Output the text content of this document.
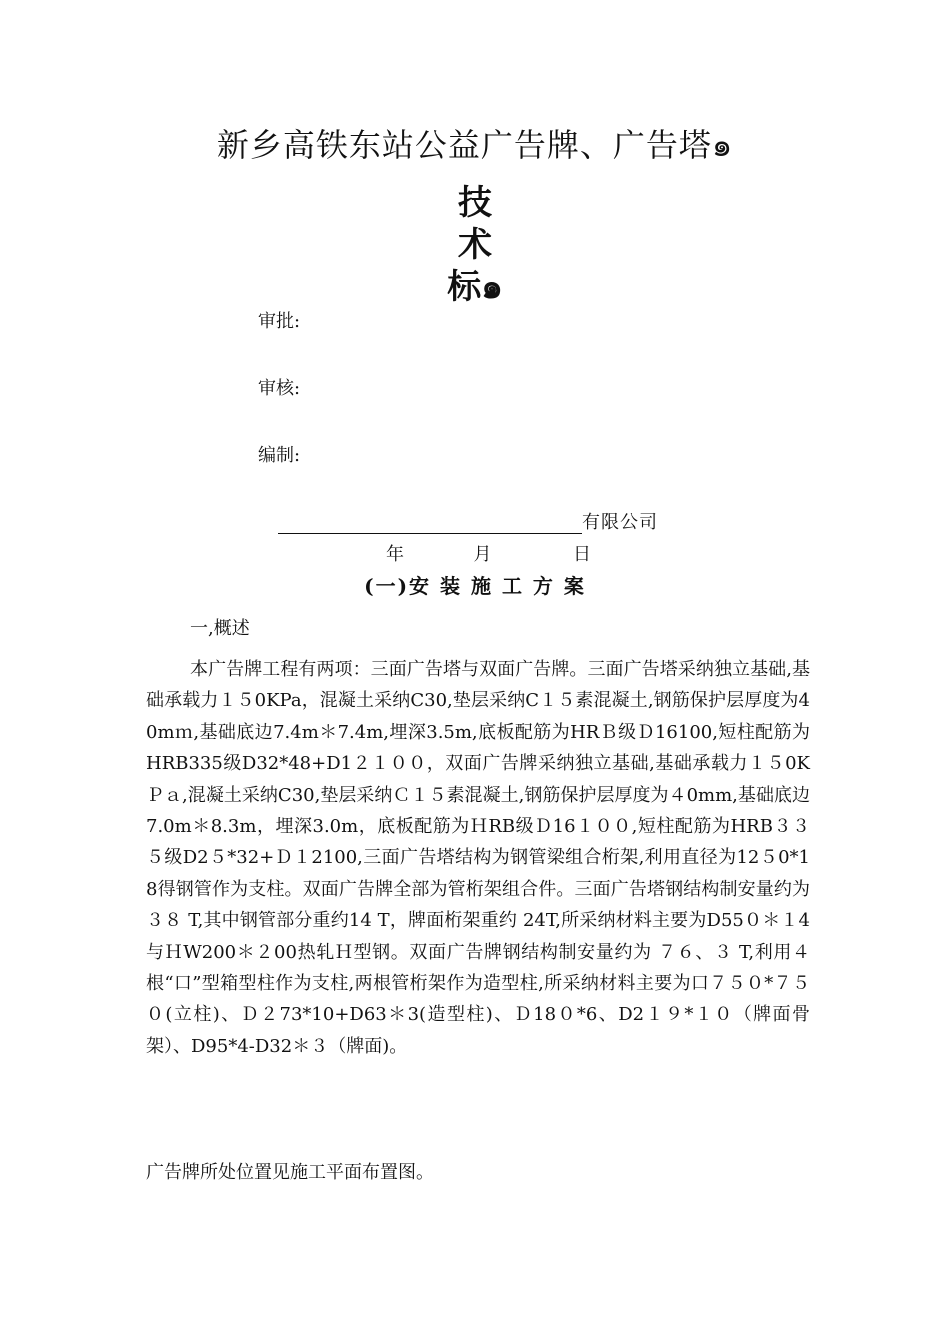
新乡高铁东站公益广告牌、广告塔๑
技
术
标๑
审批:
审核:
编制:
有限公司
年	月	日
(一)安 装 施 工 方 案
一,概述
本广告牌工程有两项：三面广告塔与双面广告牌。三面广告塔采纳独立基础,基础承载力１５0KPa，混凝土采纳C30,垫层采纳C１５素混凝土,钢筋保护层厚度为40mｍ,基础底边7.4m＊7.4m,埋深3.5m,底板配筋为HRＢ级Ｄ16100,短柱配筋为HRB335级D32*48+D1２１００，双面广告牌采纳独立基础,基础承载力１５0KＰａ,混凝土采纳C30,垫层采纳Ｃ１５素混凝土,钢筋保护层厚度为４0mm,基础底边7.0m＊8.3m，埋深3.0m，底板配筋为ＨRB级Ｄ16１００,短柱配筋为HRB３３５级D2５*32+Ｄ１2100,三面广告塔结构为钢管梁组合桁架,利用直径为12５0*18得钢管作为支柱。双面广告牌全部为管桁架组合件。三面广告塔钢结构制安量约为３８ T,其中钢管部分重约14 T，牌面桁架重约 24T,所采纳材料主要为D55０＊１4与ＨW200＊２00热轧Ｈ型钢。双面广告牌钢结构制安量约为 ７６、３ T,利用４根“口”型箱型柱作为支柱,两根管桁架作为造型柱,所采纳材料主要为口７５０*７５０(立柱)、Ｄ２73*10+D63＊3(造型柱)、Ｄ18０*6、D2１９*１０（牌面骨架）、D95*4-D32＊３（牌面)。
广告牌所处位置见施工平面布置图。
